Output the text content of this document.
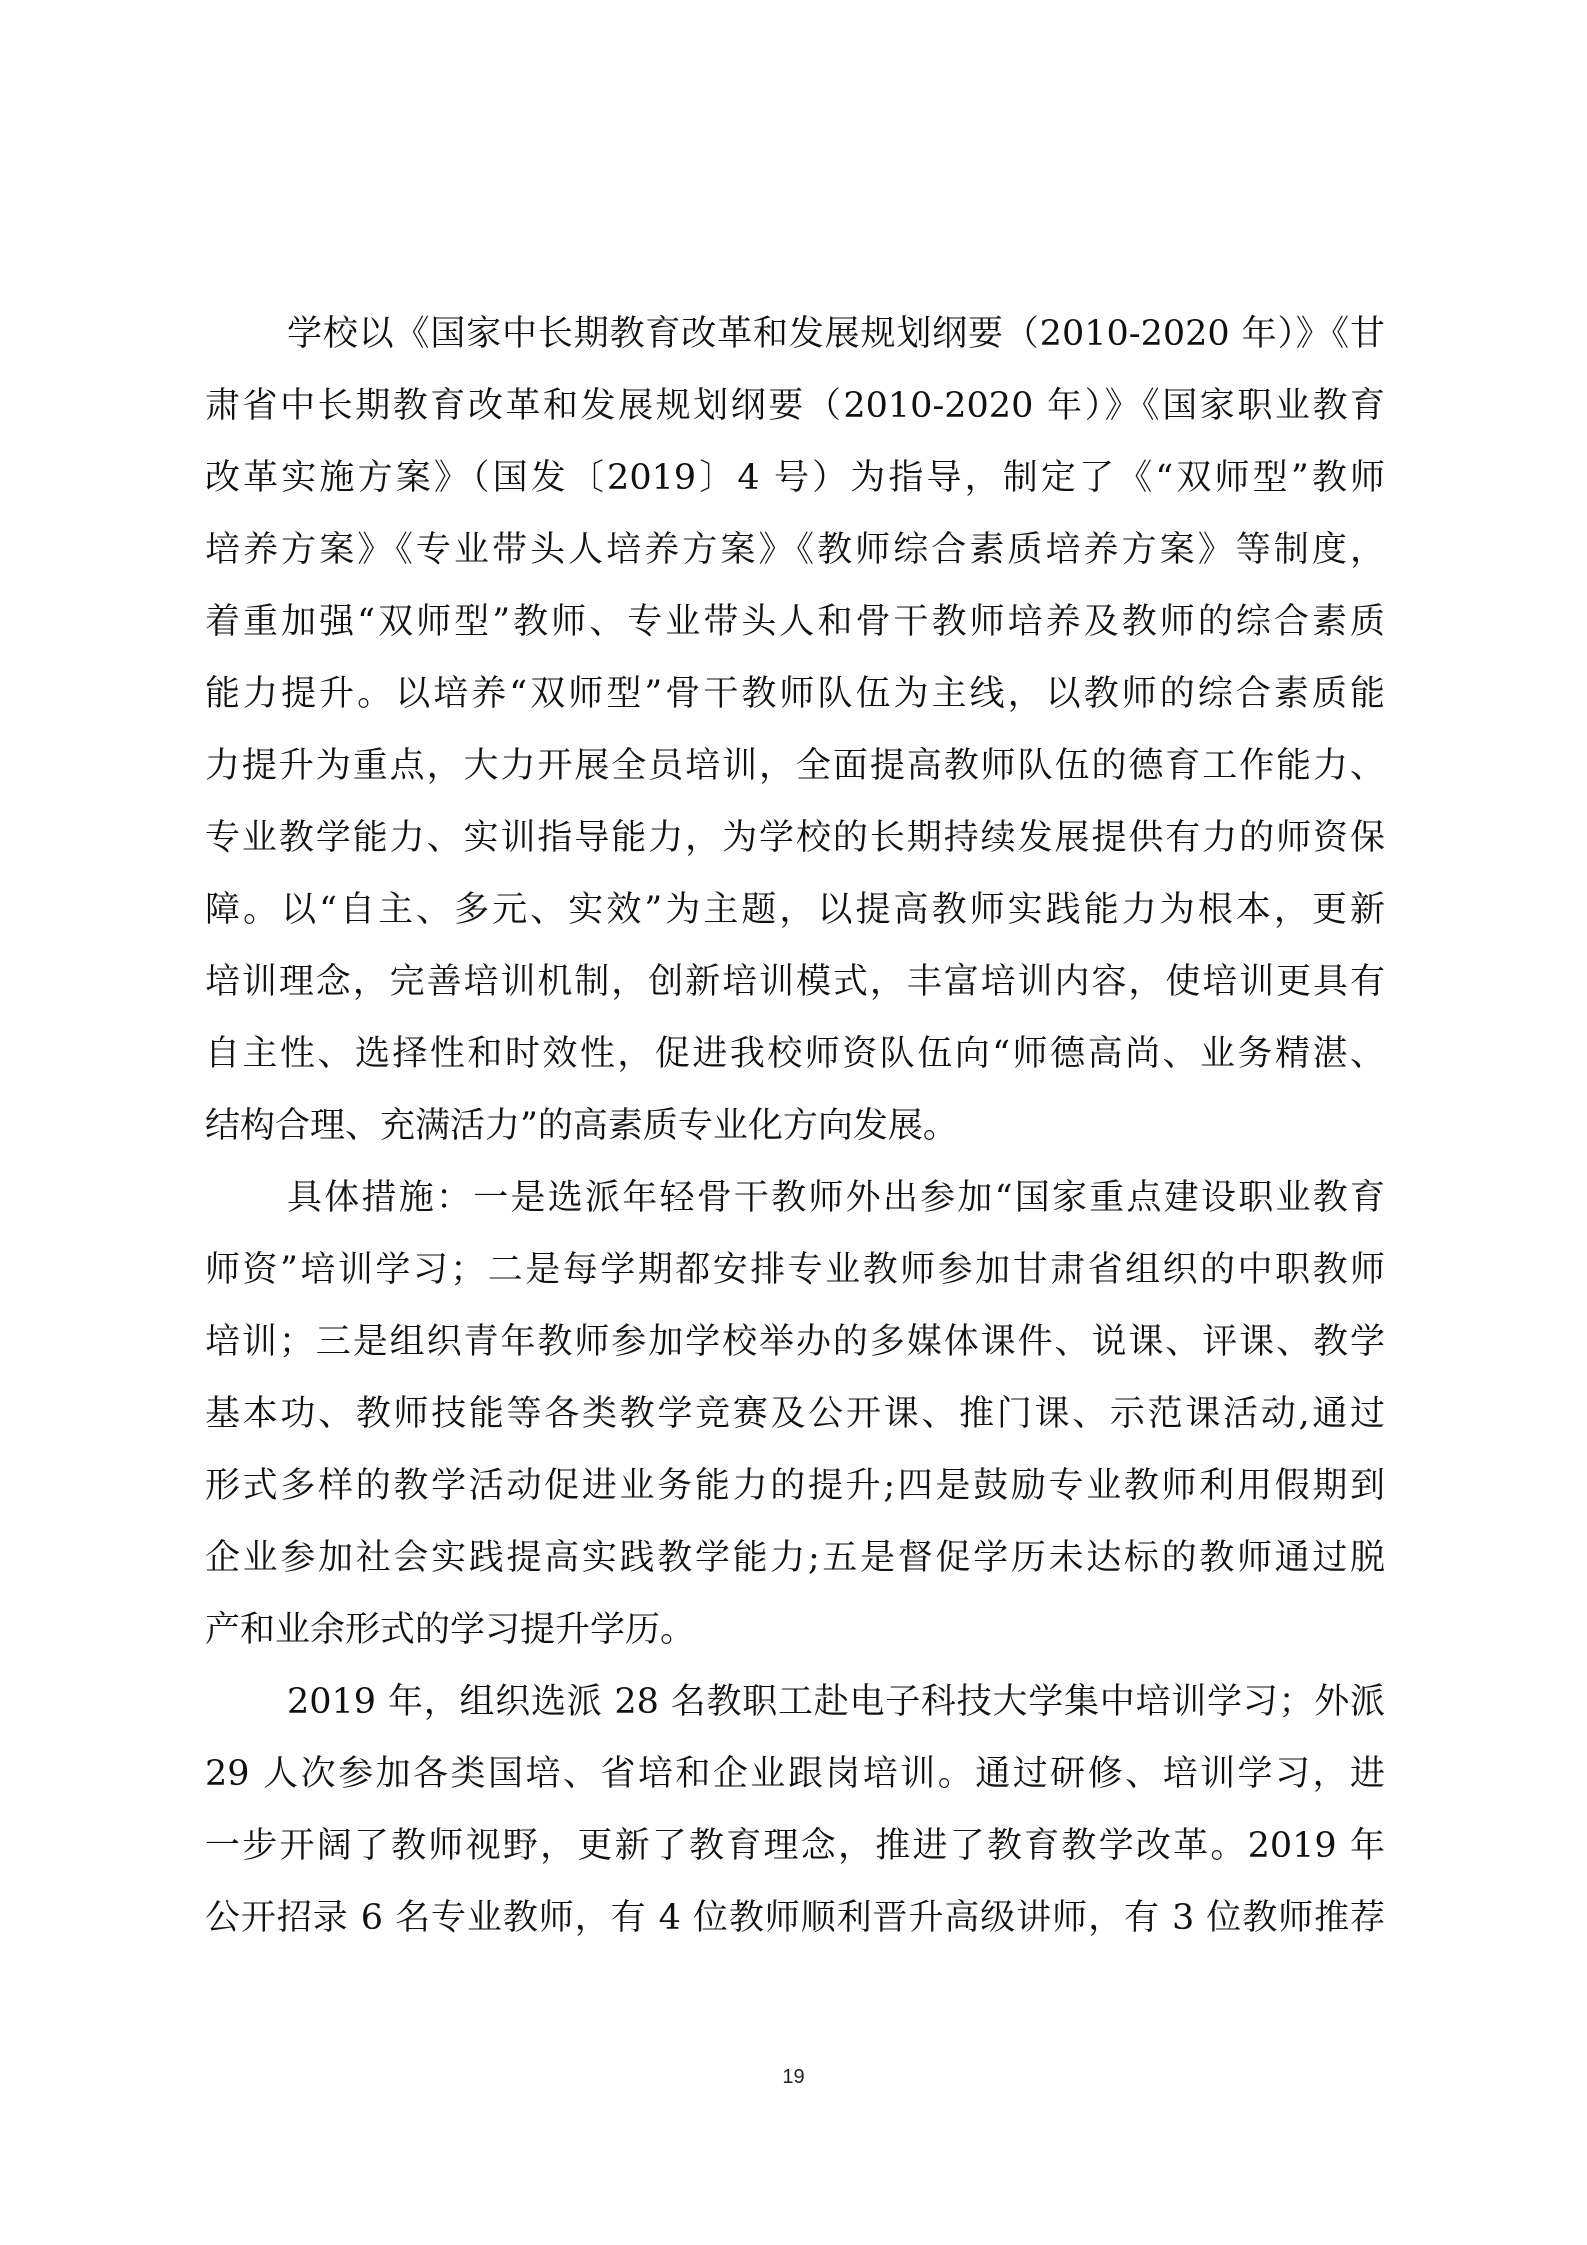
学校以《国家中长期教育改革和发展规划纲要（2010-2020 年）》《甘
肃省中长期教育改革和发展规划纲要（2010-2020 年）》《国家职业教育
改革实施方案》（国发〔2019〕4 号）为指导，制定了《“双师型”教师
培养方案》《专业带头人培养方案》《教师综合素质培养方案》等制度，
着重加强“双师型”教师、专业带头人和骨干教师培养及教师的综合素质
能力提升。以培养“双师型”骨干教师队伍为主线，以教师的综合素质能
力提升为重点，大力开展全员培训，全面提高教师队伍的德育工作能力、
专业教学能力、实训指导能力，为学校的长期持续发展提供有力的师资保
障。以“自主、多元、实效”为主题，以提高教师实践能力为根本，更新
培训理念，完善培训机制，创新培训模式，丰富培训内容，使培训更具有
自主性、选择性和时效性，促进我校师资队伍向“师德高尚、业务精湛、
结构合理、充满活力”的高素质专业化方向发展。
具体措施：一是选派年轻骨干教师外出参加“国家重点建设职业教育
师资”培训学习；二是每学期都安排专业教师参加甘肃省组织的中职教师
培训；三是组织青年教师参加学校举办的多媒体课件、说课、评课、教学
基本功、教师技能等各类教学竞赛及公开课、推门课、示范课活动,通过
形式多样的教学活动促进业务能力的提升;四是鼓励专业教师利用假期到
企业参加社会实践提高实践教学能力;五是督促学历未达标的教师通过脱
产和业余形式的学习提升学历。
2019 年，组织选派 28 名教职工赴电子科技大学集中培训学习；外派
29 人次参加各类国培、省培和企业跟岗培训。通过研修、培训学习，进
一步开阔了教师视野，更新了教育理念，推进了教育教学改革。2019 年
公开招录 6 名专业教师，有 4 位教师顺利晋升高级讲师，有 3 位教师推荐
19
